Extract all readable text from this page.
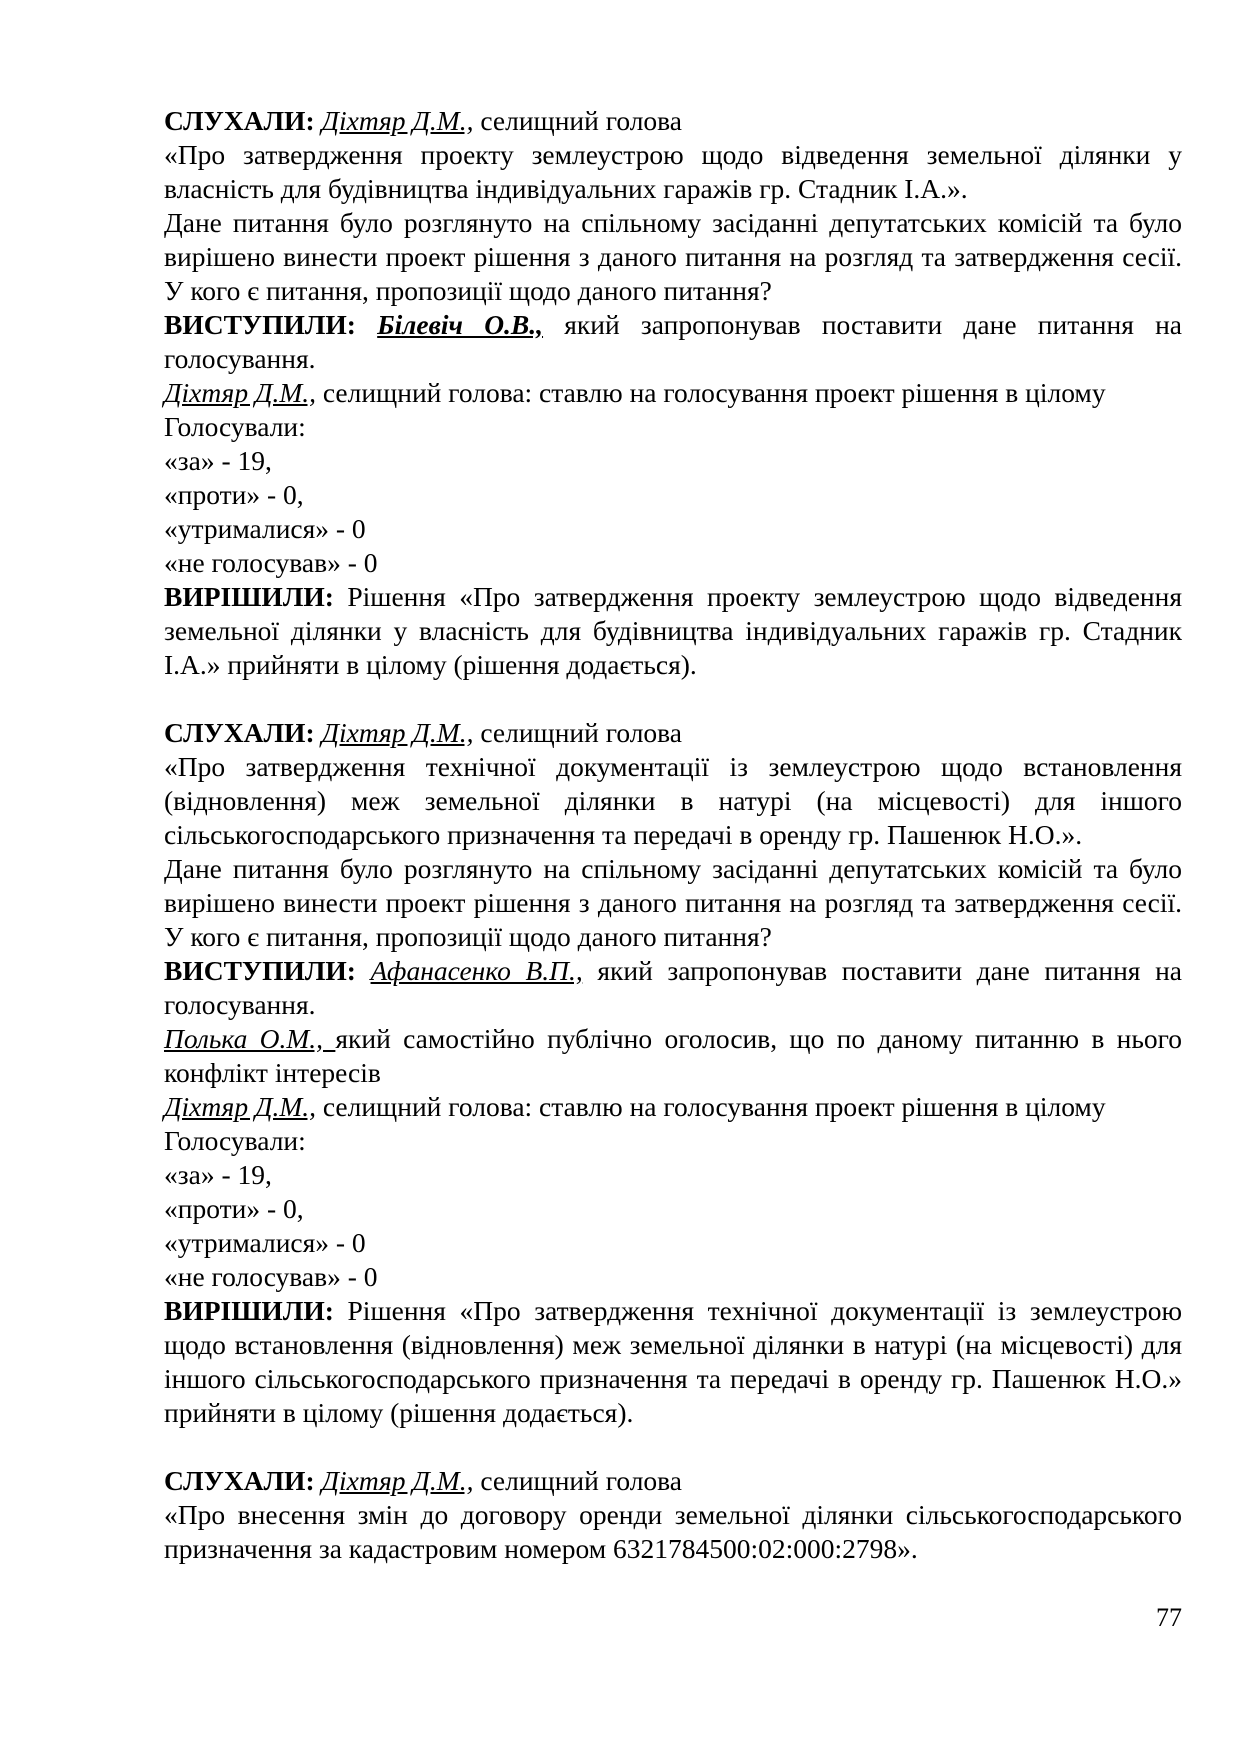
СЛУХАЛИ: Діхтяр Д.М., селищний голова

«Про затвердження проекту землеустрою щодо відведення земельної ділянки у власність для будівництва індивідуальних гаражів гр. Стадник І.А.».

Дане питання було розглянуто на спільному засіданні депутатських комісій та було вирішено винести проект рішення з даного питання на розгляд та затвердження сесії. У кого є питання, пропозиції щодо даного питання?

ВИСТУПИЛИ: Білевіч О.В., який запропонував поставити дане питання на голосування.

Діхтяр Д.М., селищний голова: ставлю на голосування проект рішення в цілому

Голосували:

«за» - 19,

«проти» - 0,

«утрималися» - 0

«не голосував» - 0

ВИРІШИЛИ: Рішення «Про затвердження проекту землеустрою щодо відведення земельної ділянки у власність для будівництва індивідуальних гаражів гр. Стадник І.А.» прийняти в цілому (рішення додається).

СЛУХАЛИ: Діхтяр Д.М., селищний голова

«Про затвердження технічної документації із землеустрою щодо встановлення (відновлення) меж земельної ділянки в натурі (на місцевості) для іншого сільськогосподарського призначення та передачі в оренду гр. Пашенюк Н.О.».

Дане питання було розглянуто на спільному засіданні депутатських комісій та було вирішено винести проект рішення з даного питання на розгляд та затвердження сесії. У кого є питання, пропозиції щодо даного питання?

ВИСТУПИЛИ: Афанасенко В.П., який запропонував поставити дане питання на голосування.

Полька О.М., який самостійно публічно оголосив, що по даному питанню в нього конфлікт інтересів

Діхтяр Д.М., селищний голова: ставлю на голосування проект рішення в цілому

Голосували:

«за» - 19,

«проти» - 0,

«утрималися» - 0

«не голосував» - 0

ВИРІШИЛИ: Рішення «Про затвердження технічної документації із землеустрою щодо встановлення (відновлення) меж земельної ділянки в натурі (на місцевості) для іншого сільськогосподарського призначення та передачі в оренду гр. Пашенюк Н.О.» прийняти в цілому (рішення додається).

СЛУХАЛИ: Діхтяр Д.М., селищний голова

«Про внесення змін до договору оренди земельної ділянки сільськогосподарського призначення за кадастровим номером 6321784500:02:000:2798».

77
